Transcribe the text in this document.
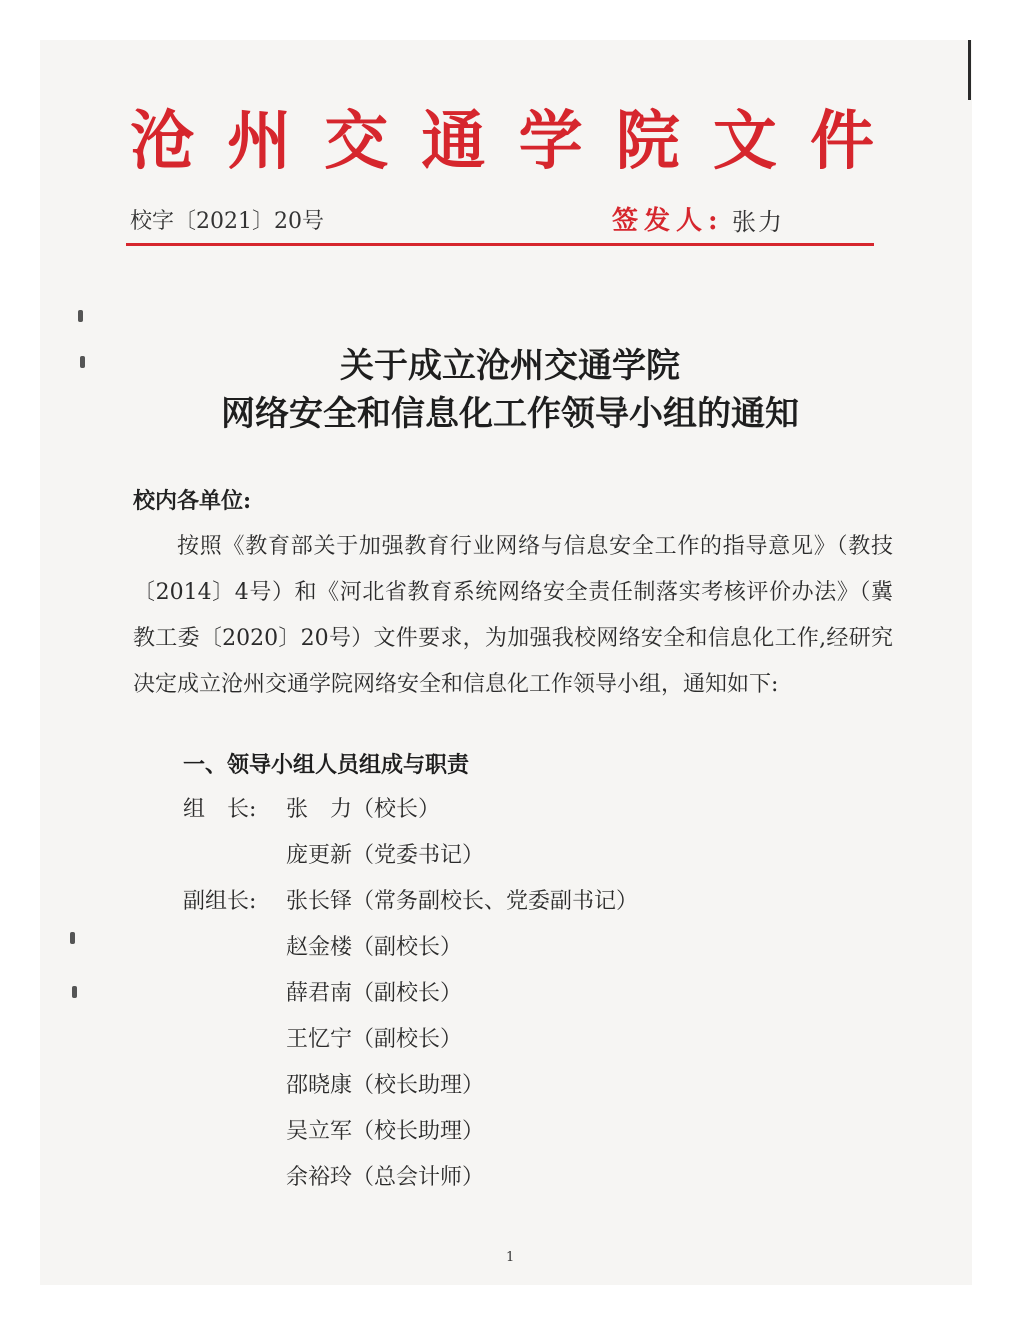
沧 州 交 通 学 院 文 件
校字〔2021〕20号	签发人: 张力
关于成立沧州交通学院
网络安全和信息化工作领导小组的通知
校内各单位:
按照《教育部关于加强教育行业网络与信息安全工作的指导意见》（教技〔2014〕4号）和《河北省教育系统网络安全责任制落实考核评价办法》（冀教工委〔2020〕20号）文件要求，为加强我校网络安全和信息化工作,经研究决定成立沧州交通学院网络安全和信息化工作领导小组，通知如下:
一、领导小组人员组成与职责
组　长:	张　力（校长）
庞更新（党委书记）
副组长:	张长铎（常务副校长、党委副书记）
赵金楼（副校长）
薛君南（副校长）
王忆宁（副校长）
邵晓康（校长助理）
吴立军（校长助理）
余裕玲（总会计师）
1
